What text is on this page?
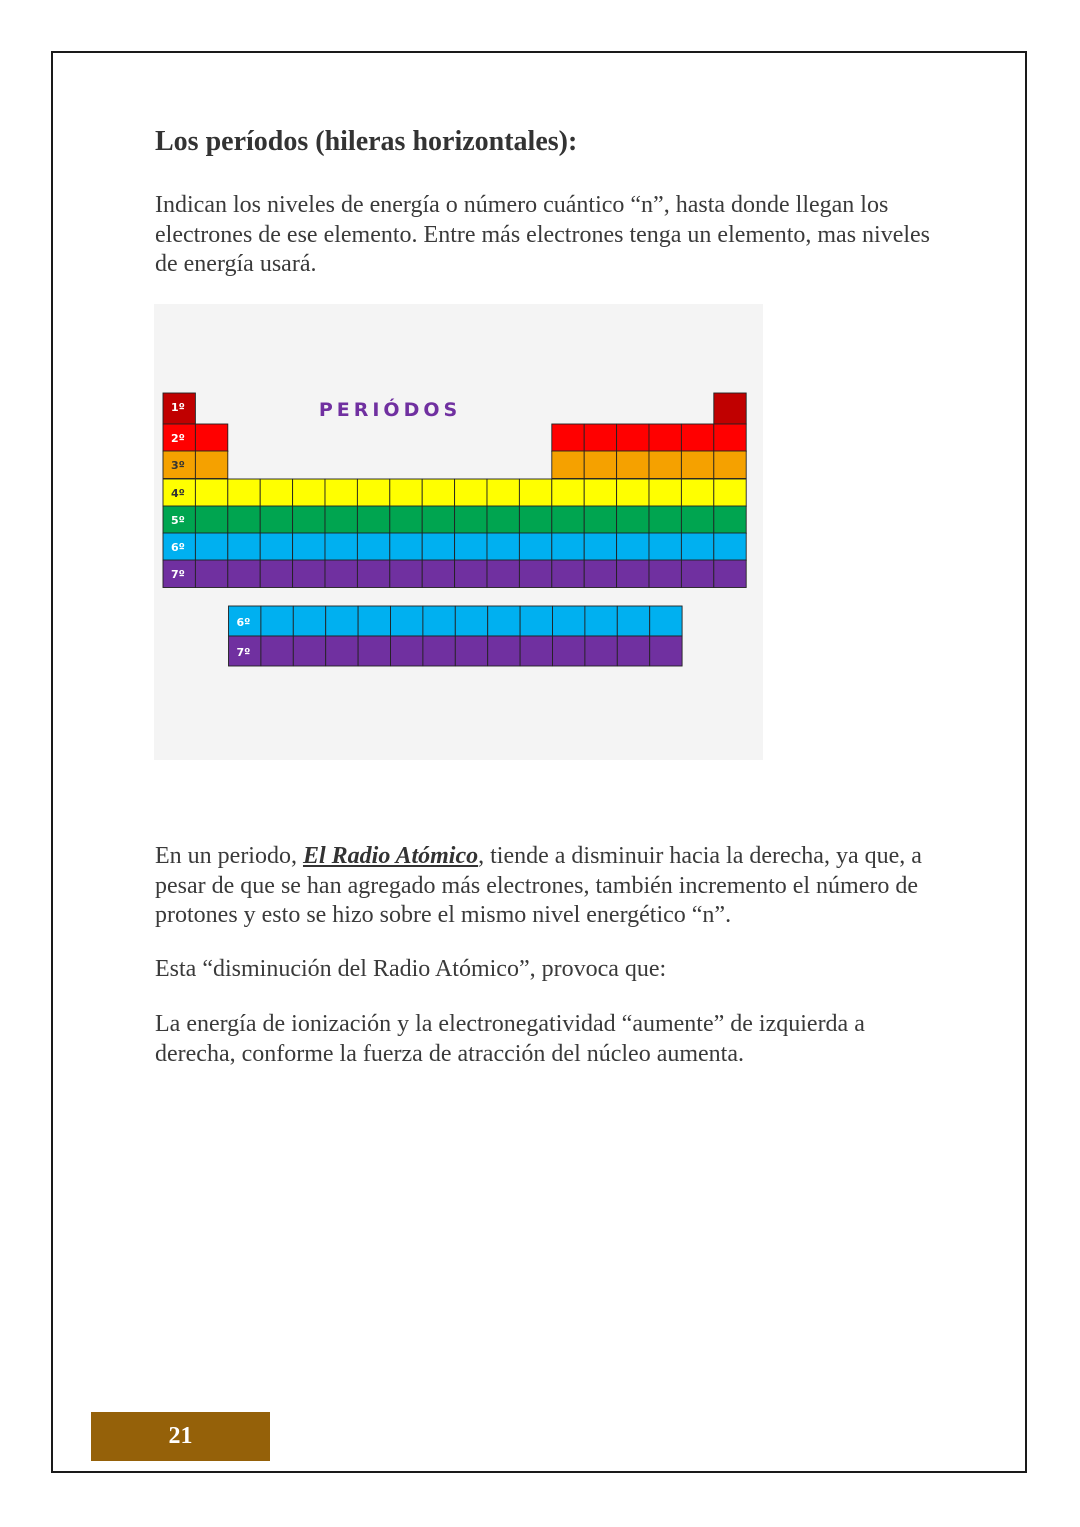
Los períodos (hileras horizontales):

Indican los niveles de energía o número cuántico “n”, hasta donde llegan los electrones de ese elemento. Entre más electrones tenga un elemento, mas niveles de energía usará.

PERIÓDOS
1º
2º
3º
4º
5º
6º
7º
6º
7º

En un periodo, El Radio Atómico, tiende a disminuir hacia la derecha, ya que, a pesar de que se han agregado más electrones, también incremento el número de protones y esto se hizo sobre el mismo nivel energético “n”.

Esta “disminución del Radio Atómico”, provoca que:

La energía de ionización y la electronegatividad “aumente” de izquierda a derecha, conforme la fuerza de atracción del núcleo aumenta.

21
